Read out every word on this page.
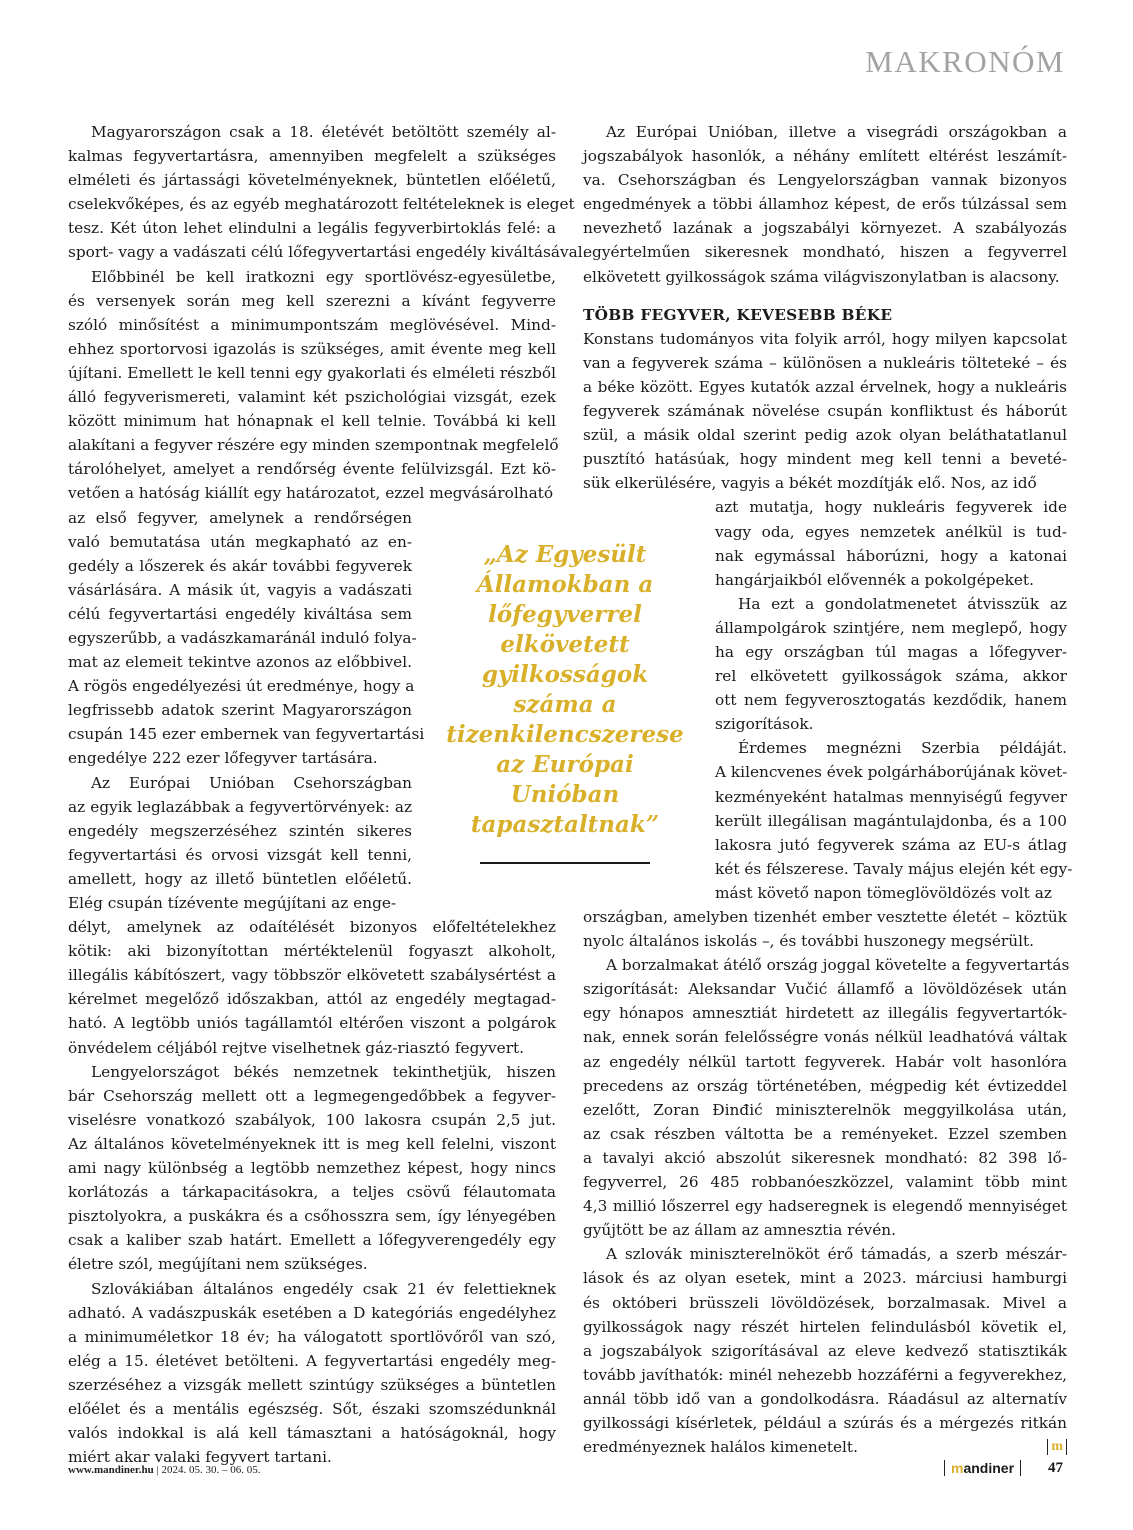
MAKRONÓM
Magyarországon csak a 18. életévét betöltött személy al-
kalmas fegyvertartásra, amennyiben megfelelt a szükséges
elméleti és jártassági követelményeknek, büntetlen előéletű,
cselekvőképes, és az egyéb meghatározott feltételeknek is eleget
tesz. Két úton lehet elindulni a legális fegyverbirtoklás felé: a
sport- vagy a vadászati célú lőfegyvertartási engedély kiváltásával.
Előbbinél be kell iratkozni egy sportlövész-egyesületbe,
és versenyek során meg kell szerezni a kívánt fegyverre
szóló minősítést a minimumpontszám meglövésével. Mind-
ehhez sportorvosi igazolás is szükséges, amit évente meg kell
újítani. Emellett le kell tenni egy gyakorlati és elméleti részből
álló fegyverismereti, valamint két pszichológiai vizsgát, ezek
között minimum hat hónapnak el kell telnie. Továbbá ki kell
alakítani a fegyver részére egy minden szempontnak megfelelő
tárolóhelyet, amelyet a rendőrség évente felülvizsgál. Ezt kö-
vetően a hatóság kiállít egy határozatot, ezzel megvásárolható
az első fegyver, amelynek a rendőrségen
való bemutatása után megkapható az en-
gedély a lőszerek és akár további fegyverek
vásárlására. A másik út, vagyis a vadászati
célú fegyvertartási engedély kiváltása sem
egyszerűbb, a vadászkamaránál induló folya-
mat az elemeit tekintve azonos az előbbivel.
A rögös engedélyezési út eredménye, hogy a
legfrissebb adatok szerint Magyarországon
csupán 145 ezer embernek van fegyvertartási
engedélye 222 ezer lőfegyver tartására.
Az Európai Unióban Csehországban
az egyik leglazábbak a fegyvertörvények: az
engedély megszerzéséhez szintén sikeres
fegyvertartási és orvosi vizsgát kell tenni,
amellett, hogy az illető büntetlen előéletű.
Elég csupán tízévente megújítani az enge-
délyt, amelynek az odaítélését bizonyos előfeltételekhez
kötik: aki bizonyítottan mértéktelenül fogyaszt alkoholt,
illegális kábítószert, vagy többször elkövetett szabálysértést a
kérelmet megelőző időszakban, attól az engedély megtagad-
ható. A legtöbb uniós tagállamtól eltérően viszont a polgárok
önvédelem céljából rejtve viselhetnek gáz-riasztó fegyvert.
Lengyelországot békés nemzetnek tekinthetjük, hiszen
bár Csehország mellett ott a legmegengedőbbek a fegyver-
viselésre vonatkozó szabályok, 100 lakosra csupán 2,5 jut.
Az általános követelményeknek itt is meg kell felelni, viszont
ami nagy különbség a legtöbb nemzethez képest, hogy nincs
korlátozás a tárkapacitásokra, a teljes csövű félautomata
pisztolyokra, a puskákra és a csőhosszra sem, így lényegében
csak a kaliber szab határt. Emellett a lőfegyverengedély egy
életre szól, megújítani nem szükséges.
Szlovákiában általános engedély csak 21 év felettieknek
adható. A vadászpuskák esetében a D kategóriás engedélyhez
a minimuméletkor 18 év; ha válogatott sportlövőről van szó,
elég a 15. életévet betölteni. A fegyvertartási engedély meg-
szerzéséhez a vizsgák mellett szintúgy szükséges a büntetlen
előélet és a mentális egészség. Sőt, északi szomszédunknál
valós indokkal is alá kell támasztani a hatóságoknál, hogy
miért akar valaki fegyvert tartani.
Az Európai Unióban, illetve a visegrádi országokban a
jogszabályok hasonlók, a néhány említett eltérést leszámít-
va. Csehországban és Lengyelországban vannak bizonyos
engedmények a többi államhoz képest, de erős túlzással sem
nevezhető lazának a jogszabályi környezet. A szabályozás
egyértelműen sikeresnek mondható, hiszen a fegyverrel
elkövetett gyilkosságok száma világviszonylatban is alacsony.
TÖBB FEGYVER, KEVESEBB BÉKE
Konstans tudományos vita folyik arról, hogy milyen kapcsolat
van a fegyverek száma – különösen a nukleáris tölteteké – és
a béke között. Egyes kutatók azzal érvelnek, hogy a nukleáris
fegyverek számának növelése csupán konfliktust és háborút
szül, a másik oldal szerint pedig azok olyan beláthatatlanul
pusztító hatásúak, hogy mindent meg kell tenni a beveté-
sük elkerülésére, vagyis a békét mozdítják elő. Nos, az idő
azt mutatja, hogy nukleáris fegyverek ide
vagy oda, egyes nemzetek anélkül is tud-
nak egymással háborúzni, hogy a katonai
hangárjaikból elővennék a pokolgépeket.
Ha ezt a gondolatmenetet átvisszük az
állampolgárok szintjére, nem meglepő, hogy
ha egy országban túl magas a lőfegyver-
rel elkövetett gyilkosságok száma, akkor
ott nem fegyverosztogatás kezdődik, hanem
szigorítások.
Érdemes megnézni Szerbia példáját.
A kilencvenes évek polgárháborújának követ-
kezményeként hatalmas mennyiségű fegyver
került illegálisan magántulajdonba, és a 100
lakosra jutó fegyverek száma az EU-s átlag
két és félszerese. Tavaly május elején két egy-
mást követő napon tömeglövöldözés volt az
országban, amelyben tizenhét ember vesztette életét – köztük
nyolc általános iskolás –, és további huszonegy megsérült.
A borzalmakat átélő ország joggal követelte a fegyvertartás
szigorítását: Aleksandar Vučić államfő a lövöldözések után
egy hónapos amnesztiát hirdetett az illegális fegyvertartók-
nak, ennek során felelősségre vonás nélkül leadhatóvá váltak
az engedély nélkül tartott fegyverek. Habár volt hasonlóra
precedens az ország történetében, mégpedig két évtizeddel
ezelőtt, Zoran Đinđić miniszterelnök meggyilkolása után,
az csak részben váltotta be a reményeket. Ezzel szemben
a tavalyi akció abszolút sikeresnek mondható: 82 398 lő-
fegyverrel, 26 485 robbanóeszközzel, valamint több mint
4,3 millió lőszerrel egy hadseregnek is elegendő mennyiséget
gyűjtött be az állam az amnesztia révén.
A szlovák miniszterelnököt érő támadás, a szerb mészár-
lások és az olyan esetek, mint a 2023. márciusi hamburgi
és októberi brüsszeli lövöldözések, borzalmasak. Mivel a
gyilkosságok nagy részét hirtelen felindulásból követik el,
a jogszabályok szigorításával az eleve kedvező statisztikák
tovább javíthatók: minél nehezebb hozzáférni a fegyverekhez,
annál több idő van a gondolkodásra. Ráadásul az alternatív
gyilkossági kísérletek, például a szúrás és a mérgezés ritkán
eredményeznek halálos kimenetelt.	m
„Az Egyesült Államokban a lőfegyverrel elkövetett gyilkosságok száma a tizenkilencszerese az Európai Unióban tapasztaltnak”
www.mandiner.hu | 2024. 05. 30. – 06. 05.	mandiner	47
